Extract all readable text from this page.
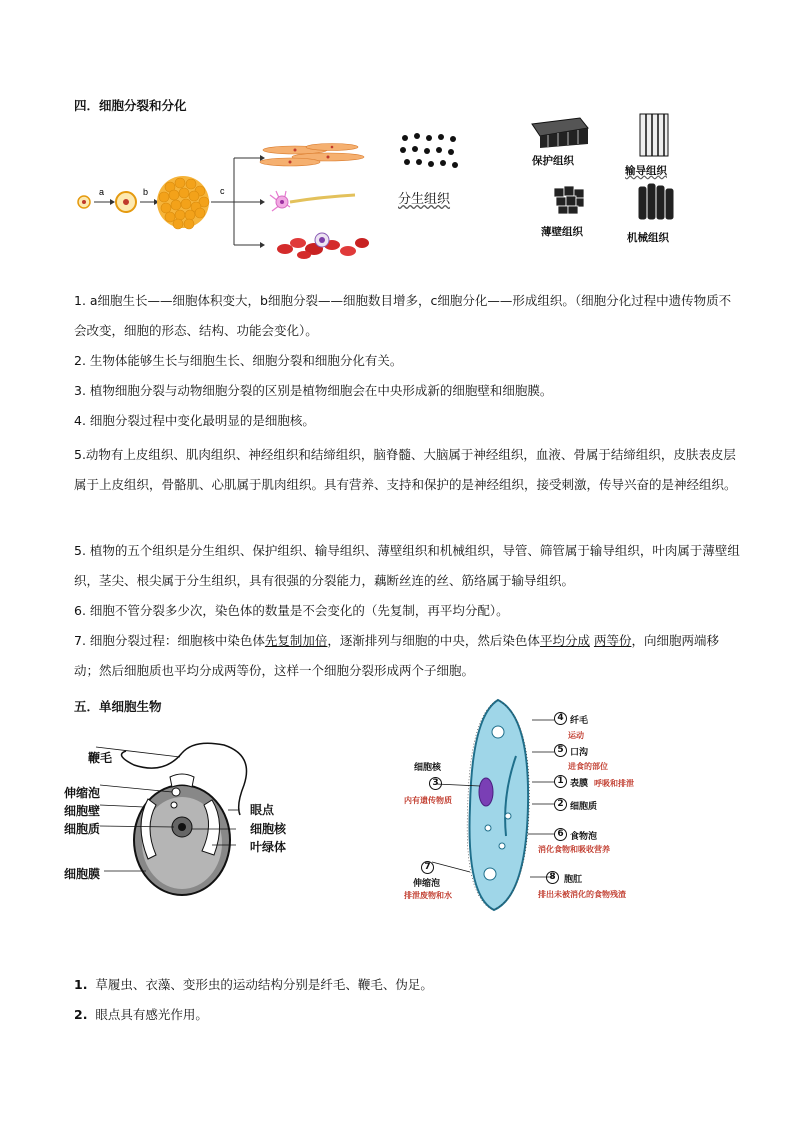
四．细胞分裂和分化
a	b	c
分生组织
保护组织
输导组织
薄壁组织	机械组织
1. a细胞生长——细胞体积变大，b细胞分裂——细胞数目增多，c细胞分化——形成组织。（细胞分化过程中遗传物质不会改变，细胞的形态、结构、功能会变化）。
2. 生物体能够生长与细胞生长、细胞分裂和细胞分化有关。
3. 植物细胞分裂与动物细胞分裂的区别是植物细胞会在中央形成新的细胞壁和细胞膜。
4. 细胞分裂过程中变化最明显的是细胞核。
5.动物有上皮组织、肌肉组织、神经组织和结缔组织，脑脊髓、大脑属于神经组织，血液、骨属于结缔组织，皮肤表皮层属于上皮组织，骨骼肌、心肌属于肌肉组织。具有营养、支持和保护的是神经组织，接受刺激，传导兴奋的是神经组织。
5. 植物的五个组织是分生组织、保护组织、输导组织、薄壁组织和机械组织，导管、筛管属于输导组织，叶肉属于薄壁组织，茎尖、根尖属于分生组织，具有很强的分裂能力，藕断丝连的丝、筋络属于输导组织。
6. 细胞不管分裂多少次，染色体的数量是不会变化的（先复制，再平均分配）。
7. 细胞分裂过程：细胞核中染色体先复制加倍，逐渐排列与细胞的中央，然后染色体平均分成 两等份，向细胞两端移动；然后细胞质也平均分成两等份，这样一个细胞分裂形成两个子细胞。
五．单细胞生物
鞭毛
伸缩泡
细胞壁
细胞质
细胞膜
眼点
细胞核
叶绿体
细胞核
3
内有遗传物质
7
伸缩泡
排泄废物和水
4 纤毛
运动
5 口沟
进食的部位
1 表膜 呼吸和排泄
2 细胞质
6 食物泡
消化食物和吸收营养
8 胞肛
排出未被消化的食物残渣
1. 草履虫、衣藻、变形虫的运动结构分别是纤毛、鞭毛、伪足。
2. 眼点具有感光作用。
